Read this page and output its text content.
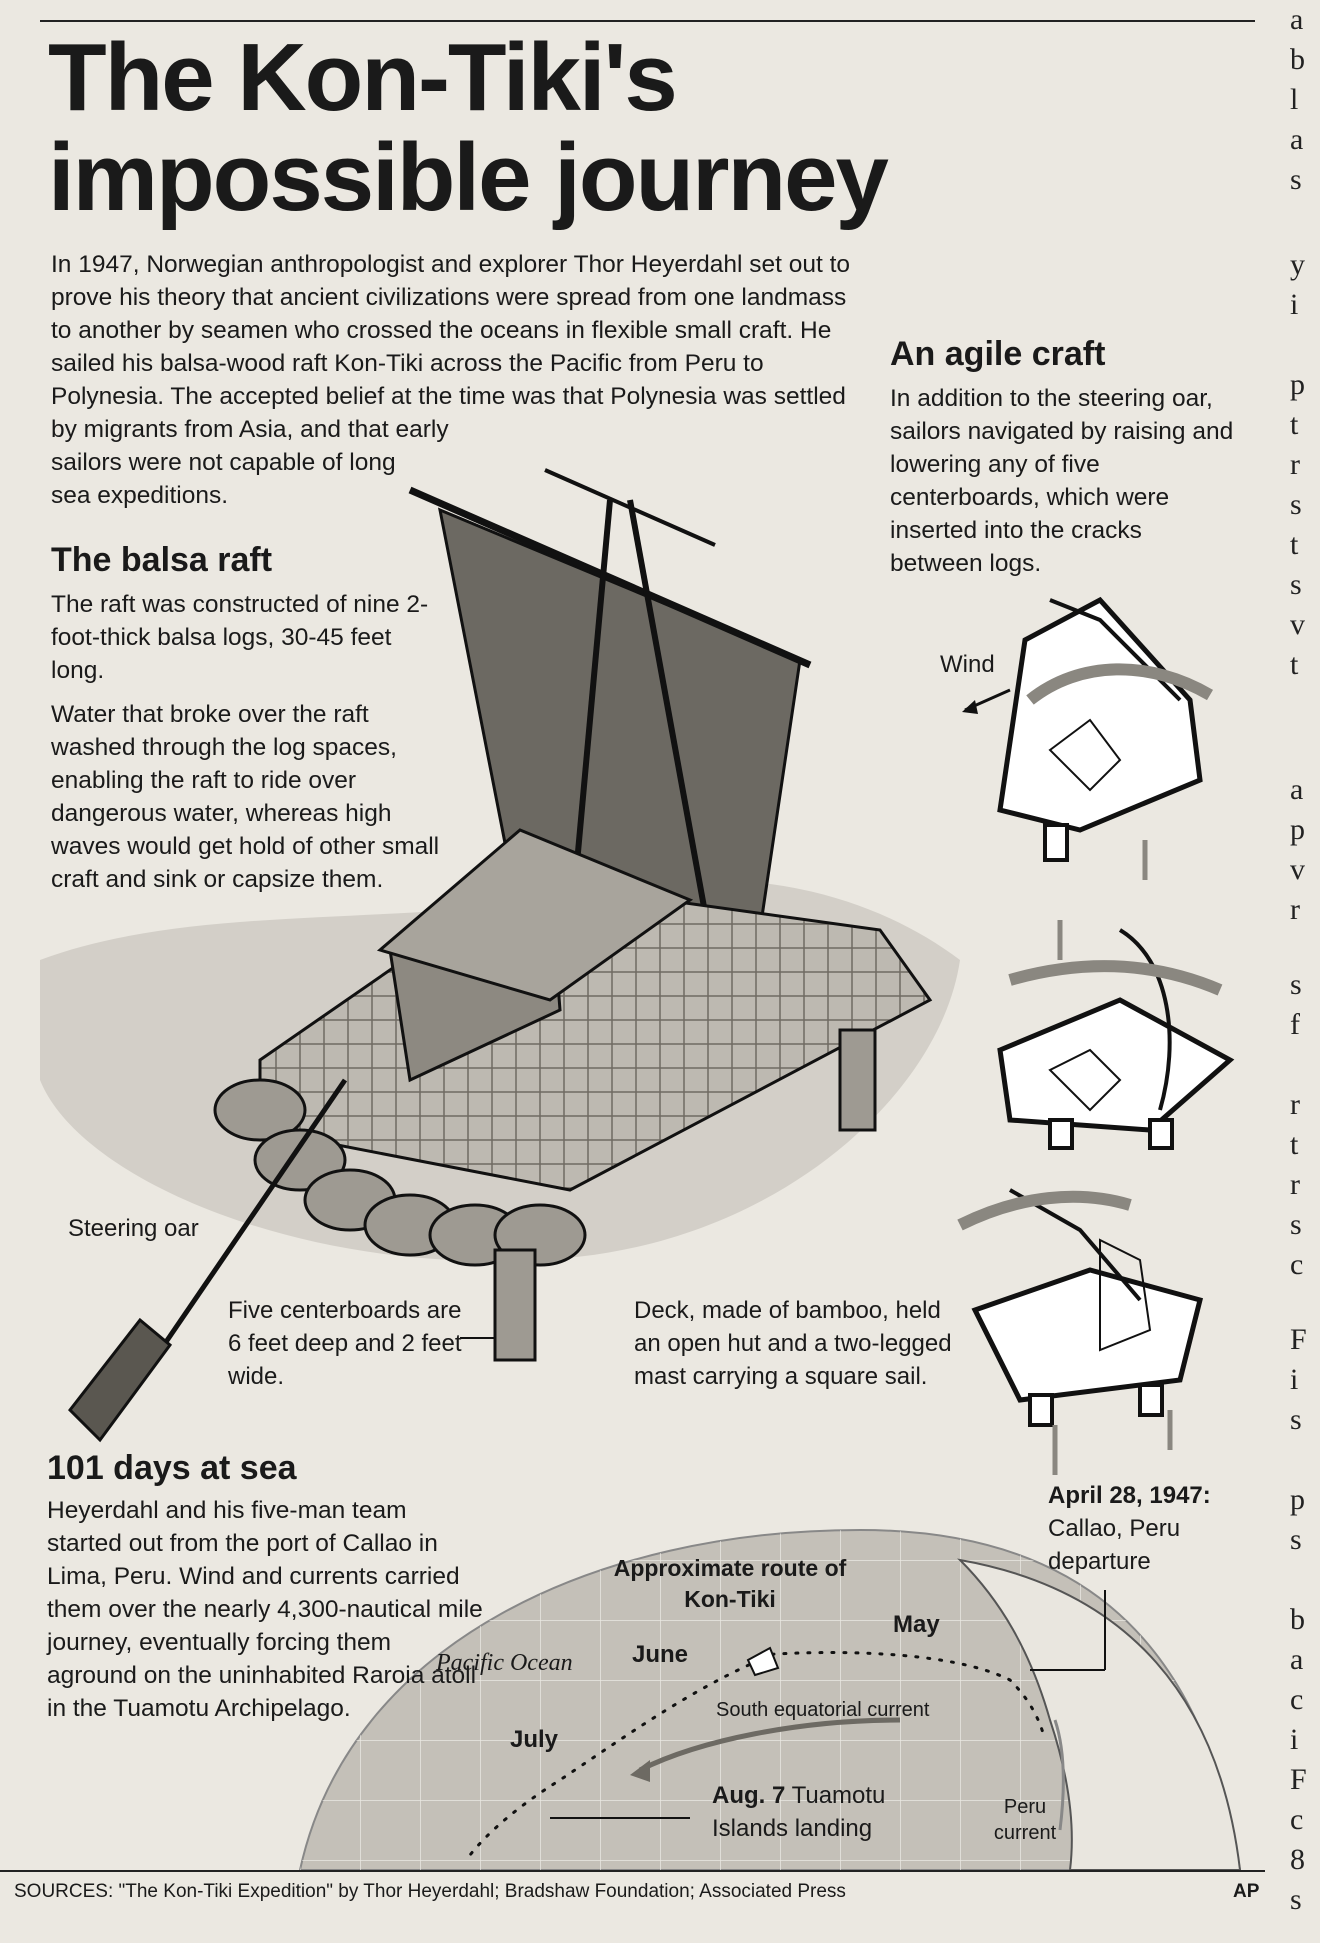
The Kon-Tiki's
impossible journey
In 1947, Norwegian anthropologist and explorer Thor Heyerdahl set out to prove his theory that ancient civilizations were spread from one landmass to another by seamen who crossed the oceans in flexible small craft. He sailed his balsa-wood raft Kon-Tiki across the Pacific from Peru to Polynesia. The accepted belief at the time was that Polynesia was settled by migrants from Asia, and that early
sailors were not capable of long sea expeditions.
The balsa raft
The raft was constructed of nine 2-foot-thick balsa logs, 30-45 feet long.
Water that broke over the raft washed through the log spaces, enabling the raft to ride over dangerous water, whereas high waves would get hold of other small craft and sink or capsize them.
An agile craft
In addition to the steering oar, sailors navigated by raising and lowering any of five centerboards, which were inserted into the cracks between logs.
Wind
Steering oar
Five centerboards are 6 feet deep and 2 feet wide.
Deck, made of bamboo, held an open hut and a two-legged mast carrying a square sail.
101 days at sea
Heyerdahl and his five-man team started out from the port of Callao in Lima, Peru. Wind and currents carried them over the nearly 4,300-nautical mile journey, eventually forcing them aground on the uninhabited Raroia atoll in the Tuamotu Archipelago.
Approximate route of Kon-Tiki
Pacific Ocean
May
June
July
South equatorial current
Aug. 7 Tuamotu Islands landing
Peru current
April 28, 1947:
Callao, Peru departure
SOURCES: "The Kon-Tiki Expedition" by Thor Heyerdahl; Bradshaw Foundation; Associated Press	AP
a
b
l
a
s
y
i
p
t
r
s
t
s
v
t
a
p
v
r
s
f
r
t
r
s
c
F
i
s
p
s
b
a
c
i
F
c
8
s
